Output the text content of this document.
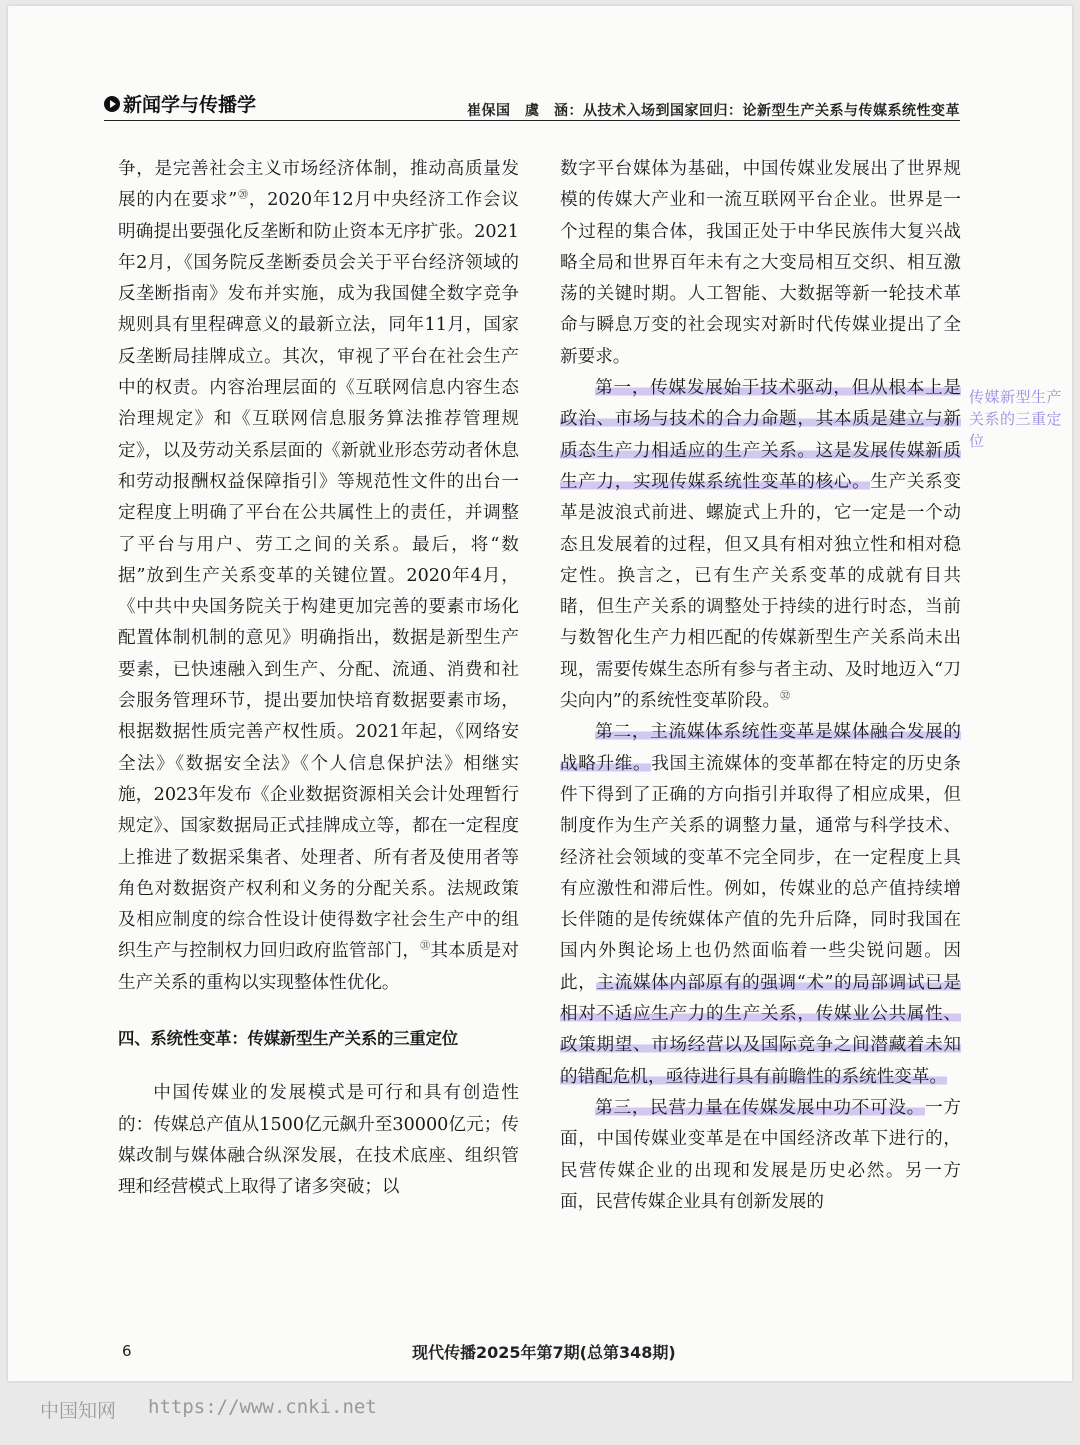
新闻学与传播学	崔保国　虞　涵：从技术入场到国家回归：论新型生产关系与传媒系统性变革

争，是完善社会主义市场经济体制，推动高质量发展的内在要求”⑳，2020年12月中央经济工作会议明确提出要强化反垄断和防止资本无序扩张。2021年2月，《国务院反垄断委员会关于平台经济领域的反垄断指南》发布并实施，成为我国健全数字竞争规则具有里程碑意义的最新立法，同年11月，国家反垄断局挂牌成立。其次，审视了平台在社会生产中的权责。内容治理层面的《互联网信息内容生态治理规定》和《互联网信息服务算法推荐管理规定》，以及劳动关系层面的《新就业形态劳动者休息和劳动报酬权益保障指引》等规范性文件的出台一定程度上明确了平台在公共属性上的责任，并调整了平台与用户、劳工之间的关系。最后，将“数据”放到生产关系变革的关键位置。2020年4月，《中共中央国务院关于构建更加完善的要素市场化配置体制机制的意见》明确指出，数据是新型生产要素，已快速融入到生产、分配、流通、消费和社会服务管理环节，提出要加快培育数据要素市场，根据数据性质完善产权性质。2021年起，《网络安全法》《数据安全法》《个人信息保护法》相继实施，2023年发布《企业数据资源相关会计处理暂行规定》、国家数据局正式挂牌成立等，都在一定程度上推进了数据采集者、处理者、所有者及使用者等角色对数据资产权利和义务的分配关系。法规政策及相应制度的综合性设计使得数字社会生产中的组织生产与控制权力回归政府监管部门，$^㉛$其本质是对生产关系的重构以实现整体性优化。

四、系统性变革：传媒新型生产关系的三重定位

中国传媒业的发展模式是可行和具有创造性的：传媒总产值从1500亿元飙升至30000亿元；传媒改制与媒体融合纵深发展，在技术底座、组织管理和经营模式上取得了诸多突破；以

数字平台媒体为基础，中国传媒业发展出了世界规模的传媒大产业和一流互联网平台企业。世界是一个过程的集合体，我国正处于中华民族伟大复兴战略全局和世界百年未有之大变局相互交织、相互激荡的关键时期。人工智能、大数据等新一轮技术革命与瞬息万变的社会现实对新时代传媒业提出了全新要求。

第一，传媒发展始于技术驱动，但从根本上是政治、市场与技术的合力命题，其本质是建立与新质态生产力相适应的生产关系。这是发展传媒新质生产力，实现传媒系统性变革的核心。生产关系变革是波浪式前进、螺旋式上升的，它一定是一个动态且发展着的过程，但又具有相对独立性和相对稳定性。换言之，已有生产关系变革的成就有目共睹，但生产关系的调整处于持续的进行时态，当前与数智化生产力相匹配的传媒新型生产关系尚未出现，需要传媒生态所有参与者主动、及时地迈入“刀尖向内”的系统性变革阶段。$^㉜$

第二，主流媒体系统性变革是媒体融合发展的战略升维。我国主流媒体的变革都在特定的历史条件下得到了正确的方向指引并取得了相应成果，但制度作为生产关系的调整力量，通常与科学技术、经济社会领域的变革不完全同步，在一定程度上具有应激性和滞后性。例如，传媒业的总产值持续增长伴随的是传统媒体产值的先升后降，同时我国在国内外舆论场上也仍然面临着一些尖锐问题。因此，主流媒体内部原有的强调“术”的局部调试已是相对不适应生产力的生产关系，传媒业公共属性、政策期望、市场经营以及国际竞争之间潜藏着未知的错配危机，亟待进行具有前瞻性的系统性变革。

第三，民营力量在传媒发展中功不可没。一方面，中国传媒业变革是在中国经济改革下进行的，民营传媒企业的出现和发展是历史必然。另一方面，民营传媒企业具有创新发展的

传媒新型生产关系的三重定位
6	现代传播2025年第7期(总第348期)
中国知网 https://www.cnki.net
